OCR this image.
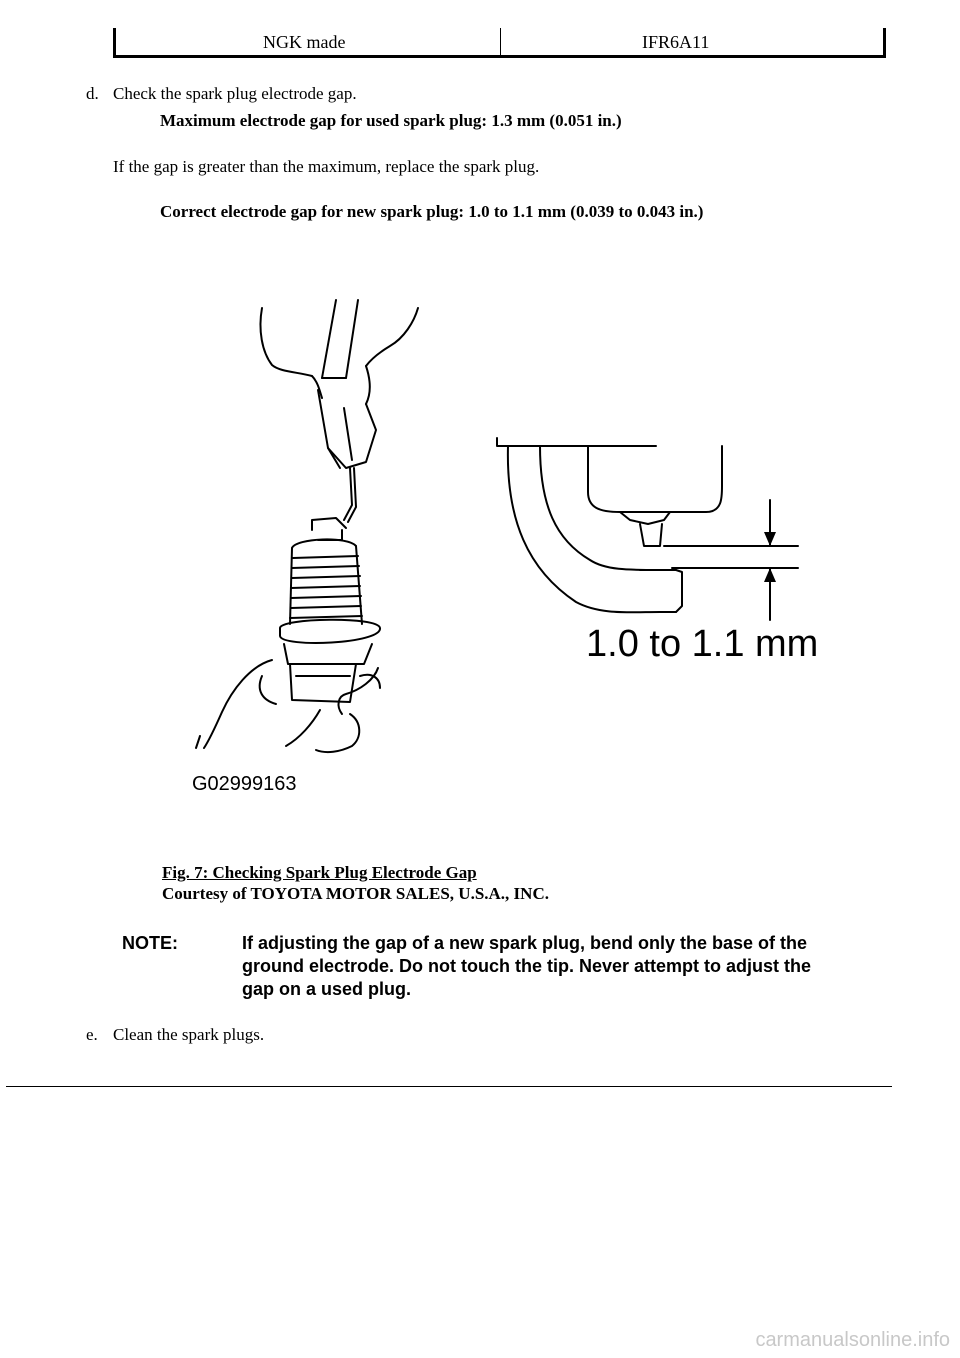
NGK made	IFR6A11
d. Check the spark plug electrode gap.
Maximum electrode gap for used spark plug: 1.3 mm (0.051 in.)
If the gap is greater than the maximum, replace the spark plug.
Correct electrode gap for new spark plug: 1.0 to 1.1 mm (0.039 to 0.043 in.)
1.0 to 1.1 mm
G02999163
Fig. 7: Checking Spark Plug Electrode Gap
Courtesy of TOYOTA MOTOR SALES, U.S.A., INC.
NOTE:	If adjusting the gap of a new spark plug, bend only the base of the
ground electrode. Do not touch the tip. Never attempt to adjust the
gap on a used plug.
e. Clean the spark plugs.
carmanualsonline.info
